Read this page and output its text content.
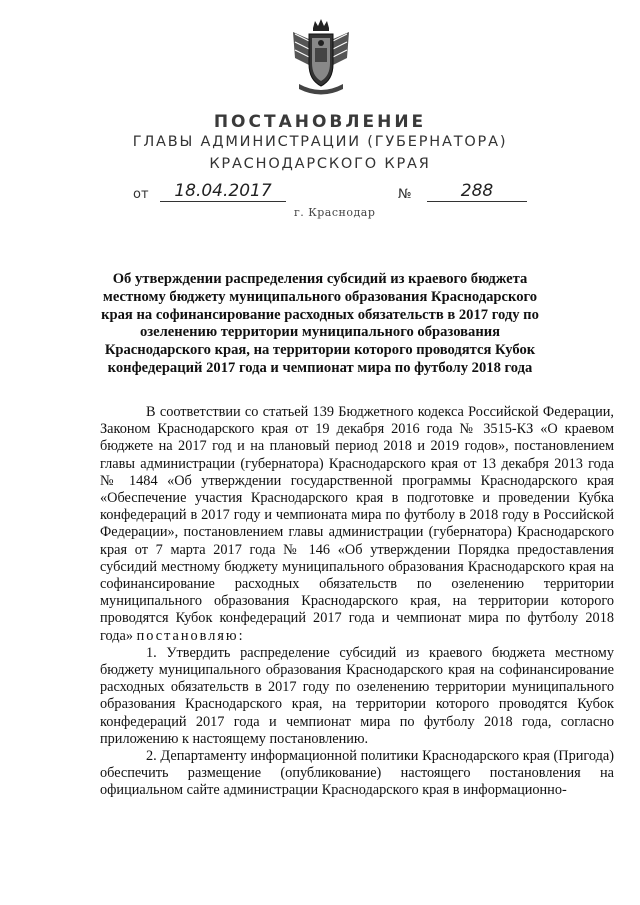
ПОСТАНОВЛЕНИЕ
ГЛАВЫ АДМИНИСТРАЦИИ (ГУБЕРНАТОРА)
КРАСНОДАРСКОГО КРАЯ
от	18.04.2017	№	288
г. Краснодар

Об утверждении распределения субсидий из краевого бюджета местному бюджету муниципального образования Краснодарского края на софинансирование расходных обязательств в 2017 году по озеленению территории муниципального образования Краснодарского края, на территории которого проводятся Кубок конфедераций 2017 года и чемпионат мира по футболу 2018 года

В соответствии со статьей 139 Бюджетного кодекса Российской Федерации, Законом Краснодарского края от 19 декабря 2016 года № 3515-КЗ «О краевом бюджете на 2017 год и на плановый период 2018 и 2019 годов», постановлением главы администрации (губернатора) Краснодарского края от 13 декабря 2013 года № 1484 «Об утверждении государственной программы Краснодарского края «Обеспечение участия Краснодарского края в подготовке и проведении Кубка конфедераций в 2017 году и чемпионата мира по футболу в 2018 году в Российской Федерации», постановлением главы администрации (губернатора) Краснодарского края от 7 марта 2017 года № 146 «Об утверждении Порядка предоставления субсидий местному бюджету муниципального образования Краснодарского края на софинансирование расходных обязательств по озеленению территории муниципального образования Краснодарского края, на территории которого проводятся Кубок конфедераций 2017 года и чемпионат мира по футболу 2018 года» постановляю:

1. Утвердить распределение субсидий из краевого бюджета местному бюджету муниципального образования Краснодарского края на софинансирование расходных обязательств в 2017 году по озеленению территории муниципального образования Краснодарского края, на территории которого проводятся Кубок конфедераций 2017 года и чемпионат мира по футболу 2018 года, согласно приложению к настоящему постановлению.

2. Департаменту информационной политики Краснодарского края (Пригода) обеспечить размещение (опубликование) настоящего постановления на официальном сайте администрации Краснодарского края в информационно-
